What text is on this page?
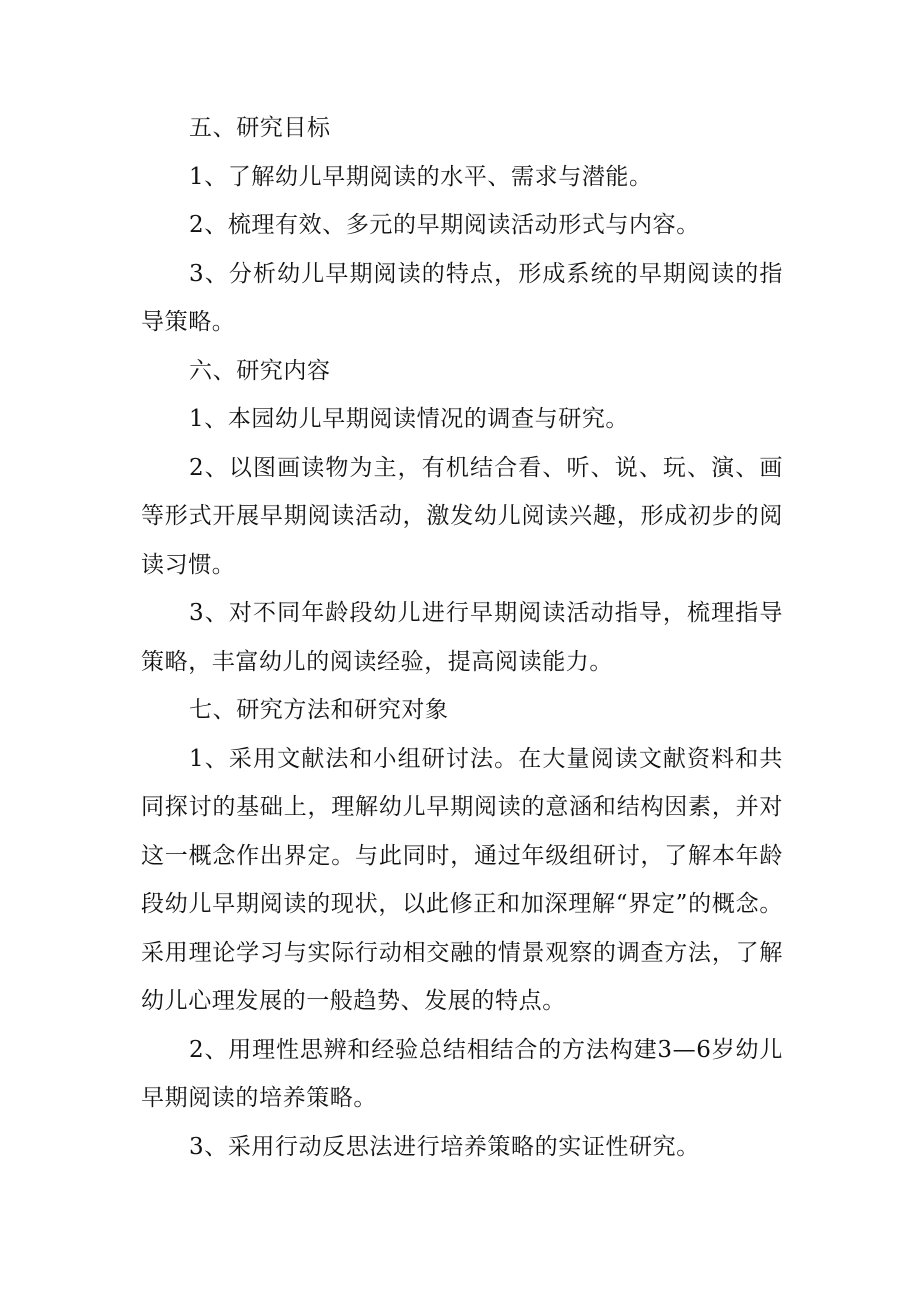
五、研究目标

1、了解幼儿早期阅读的水平、需求与潜能。

2、梳理有效、多元的早期阅读活动形式与内容。

3、分析幼儿早期阅读的特点，形成系统的早期阅读的指导策略。

六、研究内容

1、本园幼儿早期阅读情况的调查与研究。

2、以图画读物为主，有机结合看、听、说、玩、演、画等形式开展早期阅读活动，激发幼儿阅读兴趣，形成初步的阅读习惯。

3、对不同年龄段幼儿进行早期阅读活动指导，梳理指导策略，丰富幼儿的阅读经验，提高阅读能力。

七、研究方法和研究对象

1、采用文献法和小组研讨法。在大量阅读文献资料和共同探讨的基础上，理解幼儿早期阅读的意涵和结构因素，并对这一概念作出界定。与此同时，通过年级组研讨，了解本年龄段幼儿早期阅读的现状，以此修正和加深理解“界定”的概念。采用理论学习与实际行动相交融的情景观察的调查方法，了解幼儿心理发展的一般趋势、发展的特点。

2、用理性思辨和经验总结相结合的方法构建3—6岁幼儿早期阅读的培养策略。

3、采用行动反思法进行培养策略的实证性研究。
